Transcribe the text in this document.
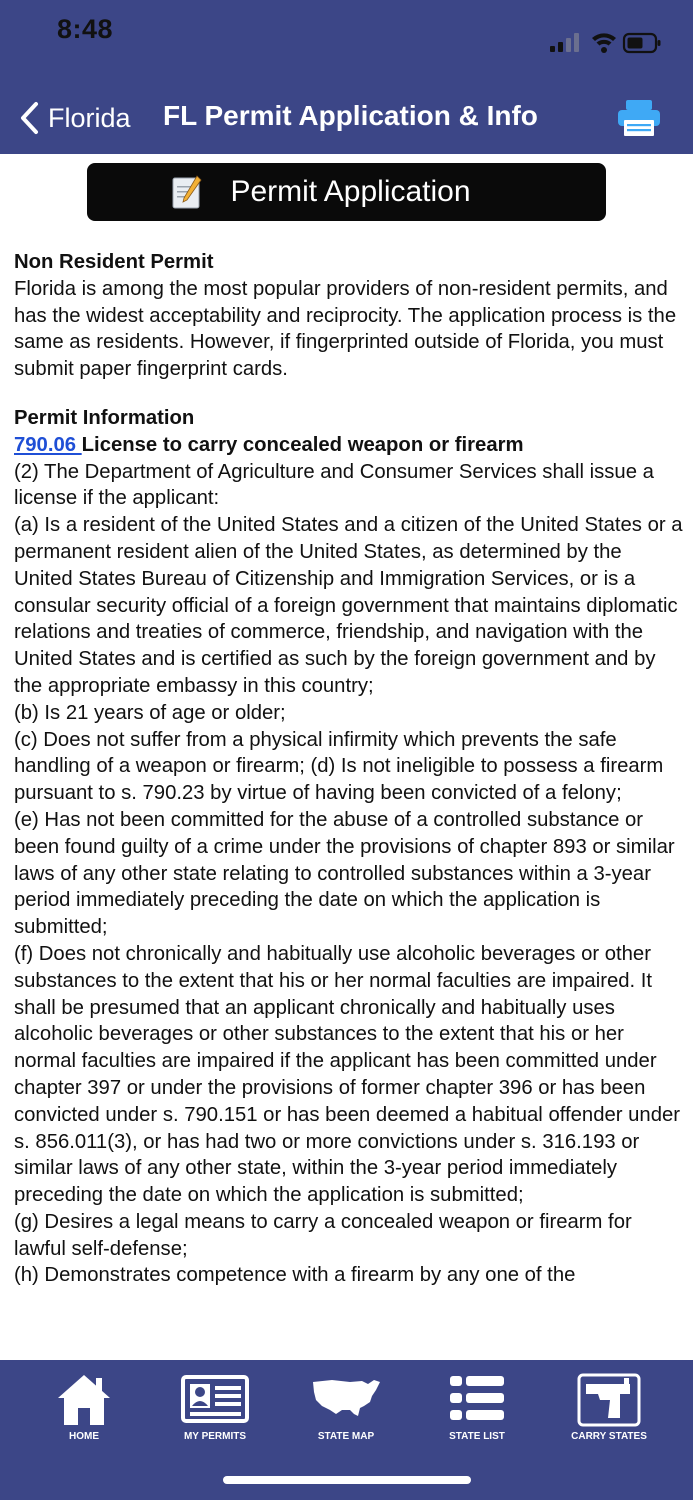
8:48
Florida FL Permit Application & Info
Permit Application

Non Resident Permit

Florida is among the most popular providers of non-resident permits, and has the widest acceptability and reciprocity. The application process is the same as residents. However, if fingerprinted outside of Florida, you must submit paper fingerprint cards.

Permit Information

790.06 License to carry concealed weapon or firearm

(2) The Department of Agriculture and Consumer Services shall issue a license if the applicant:

(a) Is a resident of the United States and a citizen of the United States or a permanent resident alien of the United States, as determined by the United States Bureau of Citizenship and Immigration Services, or is a consular security official of a foreign government that maintains diplomatic relations and treaties of commerce, friendship, and navigation with the United States and is certified as such by the foreign government and by the appropriate embassy in this country;

(b) Is 21 years of age or older;

(c) Does not suffer from a physical infirmity which prevents the safe handling of a weapon or firearm; (d) Is not ineligible to possess a firearm pursuant to s. 790.23 by virtue of having been convicted of a felony;

(e) Has not been committed for the abuse of a controlled substance or been found guilty of a crime under the provisions of chapter 893 or similar laws of any other state relating to controlled substances within a 3-year period immediately preceding the date on which the application is submitted;

(f) Does not chronically and habitually use alcoholic beverages or other substances to the extent that his or her normal faculties are impaired. It shall be presumed that an applicant chronically and habitually uses alcoholic beverages or other substances to the extent that his or her normal faculties are impaired if the applicant has been committed under chapter 397 or under the provisions of former chapter 396 or has been convicted under s. 790.151 or has been deemed a habitual offender under s. 856.011(3), or has had two or more convictions under s. 316.193 or similar laws of any other state, within the 3-year period immediately preceding the date on which the application is submitted;

(g) Desires a legal means to carry a concealed weapon or firearm for lawful self-defense;

(h) Demonstrates competence with a firearm by any one of the

HOME	MY PERMITS	STATE MAP	STATE LIST	CARRY STATES
